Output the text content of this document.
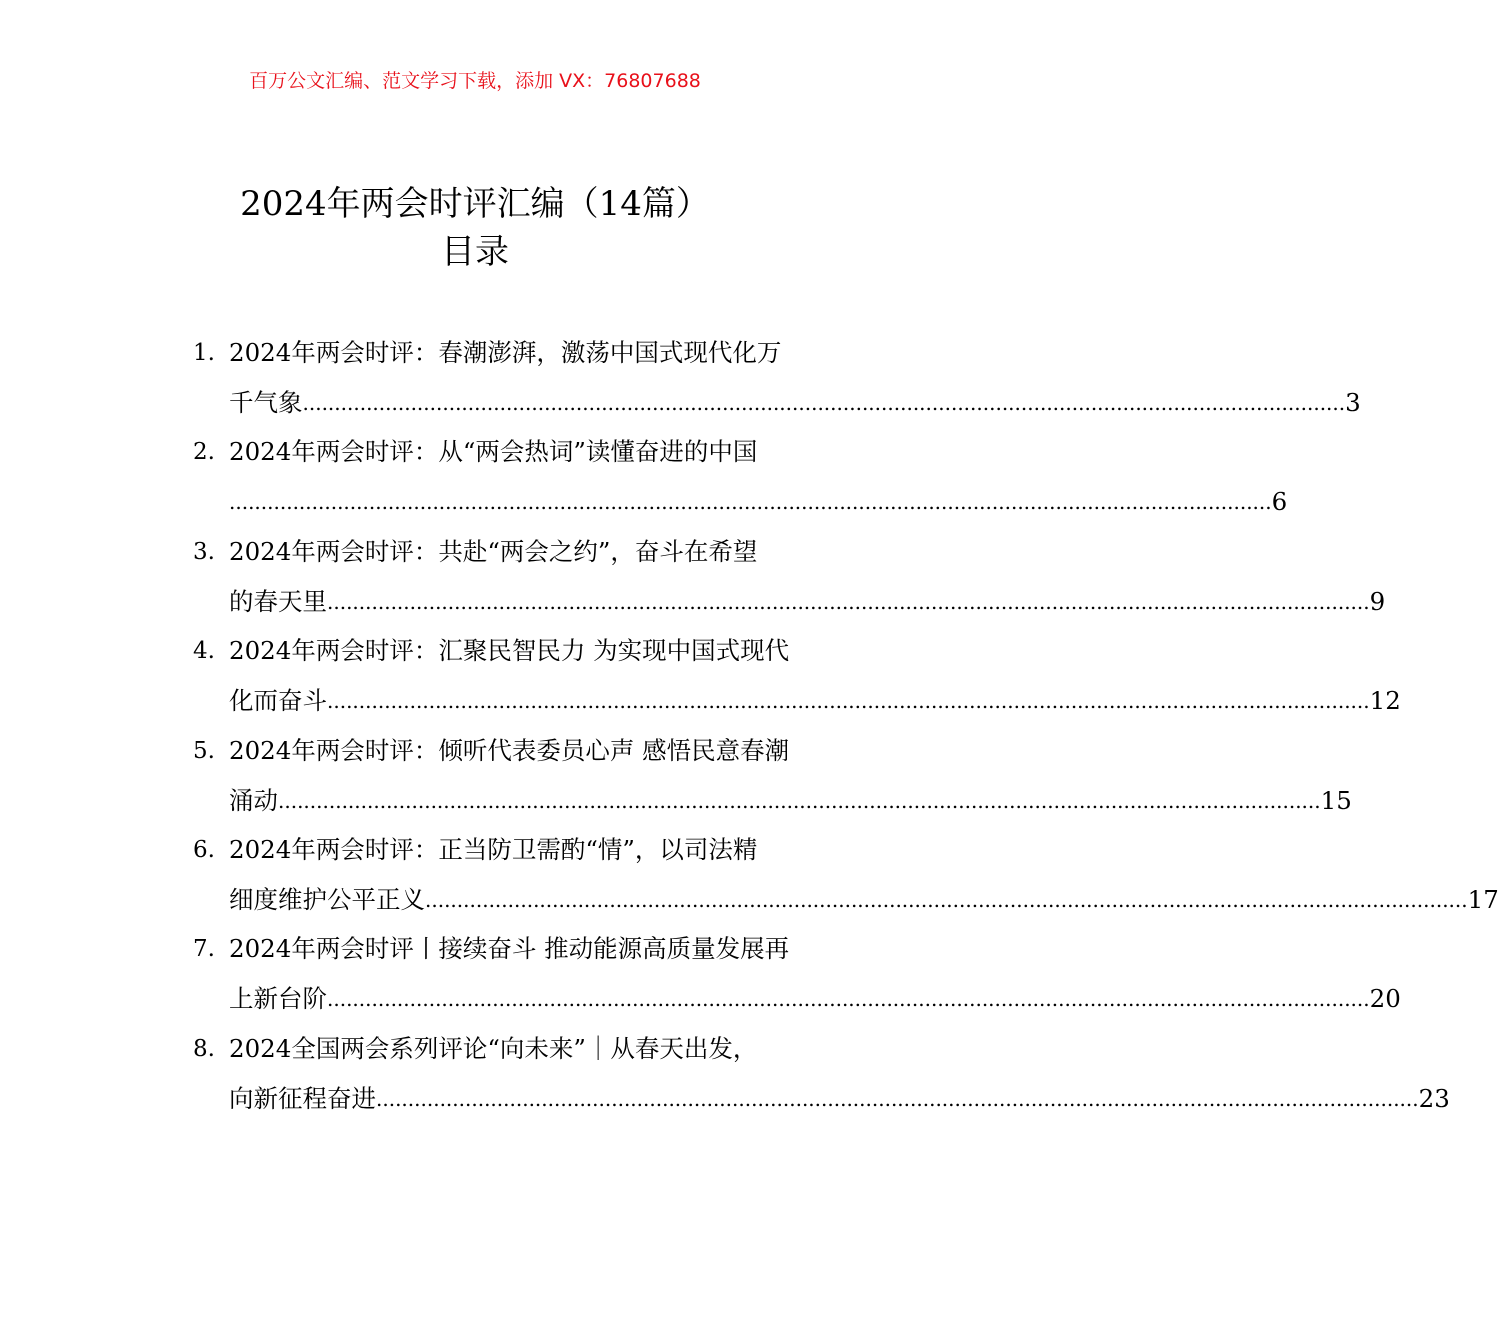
百万公文汇编、范文学习下载，添加 VX：76807688
2024年两会时评汇编（14篇）
目录
1. 2024年两会时评：春潮澎湃，激荡中国式现代化万
千气象 .................................................................................................................................................................... 3
2. 2024年两会时评：从“两会热词”读懂奋进的中国
.................................................................................................................................................................... 6
3. 2024年两会时评：共赴“两会之约”，奋斗在希望
的春天里 .................................................................................................................................................................... 9
4. 2024年两会时评：汇聚民智民力 为实现中国式现代
化而奋斗 .................................................................................................................................................................... 12
5. 2024年两会时评：倾听代表委员心声 感悟民意春潮
涌动 .................................................................................................................................................................... 15
6. 2024年两会时评：正当防卫需酌“情”，以司法精
细度维护公平正义 .................................................................................................................................................................... 17
7. 2024年两会时评丨接续奋斗 推动能源高质量发展再
上新台阶 .................................................................................................................................................................... 20
8. 2024全国两会系列评论“向未来”｜从春天出发，
向新征程奋进 .................................................................................................................................................................... 23
